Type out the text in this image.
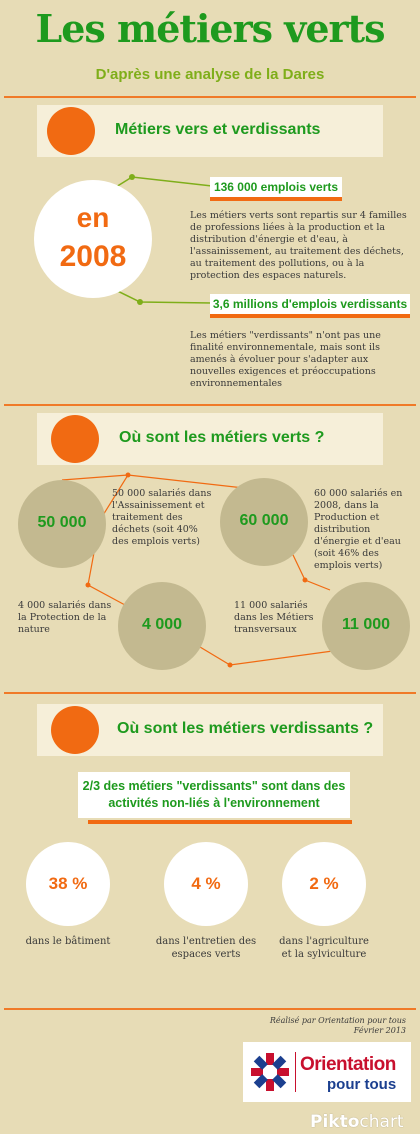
Les métiers verts
D'après une analyse de la Dares
Métiers vers et verdissants
en
2008
136 000 emplois verts
Les métiers verts sont repartis sur 4 familles de professions liées à la production et la distribution d'énergie et d'eau, à l'assainissement, au traitement des déchets, au traitement des pollutions, ou à la protection des espaces naturels.
3,6 millions d'emplois verdissants
Les métiers "verdissants" n'ont pas une finalité environnementale, mais sont ils amenés à évoluer pour s'adapter aux nouvelles exigences et préoccupations environnementales
Où sont les métiers verts ?
50 000
50 000 salariés dans l'Assainissement et traitement des déchets (soit 40% des emplois verts)
60 000
60 000 salariés en 2008, dans la Production et distribution d'énergie et d'eau (soit 46% des emplois verts)
4 000
4 000 salariés dans la Protection de la nature	11 000
11 000 salariés dans les Métiers transversaux
Où sont les métiers verdissants ?
2/3 des métiers "verdissants" sont dans des activités non-liés à l'environnement
38 %
dans le bâtiment
4 %
dans l'entretien des espaces verts
2 %
dans l'agriculture et la sylviculture
Réalisé par Orientation pour tous
Février 2013
Orientation
pour tous
Piktochart
